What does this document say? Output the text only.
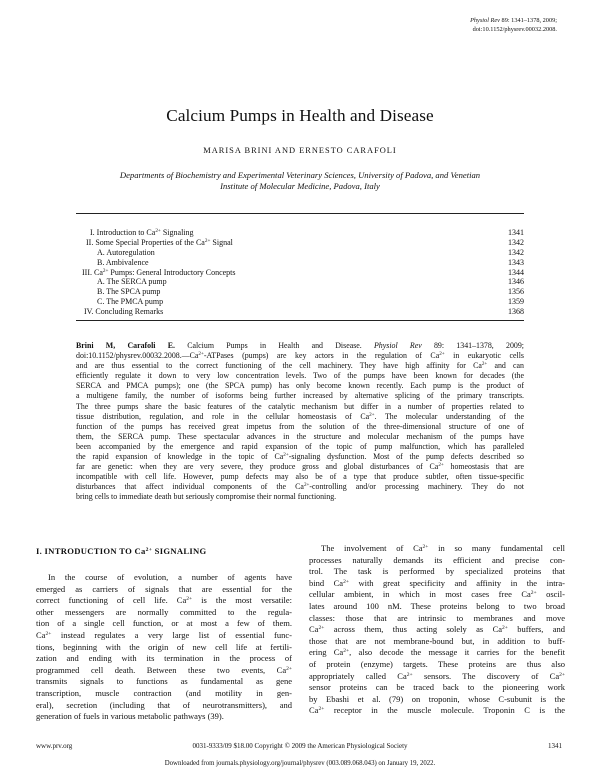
Physiol Rev 89: 1341–1378, 2009;
doi:10.1152/physrev.00032.2008.
Calcium Pumps in Health and Disease
MARISA BRINI AND ERNESTO CARAFOLI
Departments of Biochemistry and Experimental Veterinary Sciences, University of Padova, and Venetian
Institute of Molecular Medicine, Padova, Italy
I. Introduction to $Ca^{2+}$ Signaling	1341
II. Some Special Properties of the $Ca^{2+}$ Signal	1342
A. Autoregulation	1342
B. Ambivalence	1343
III. $Ca^{2+}$ Pumps: General Introductory Concepts	1344
A. The SERCA pump	1346
B. The SPCA pump	1356
C. The PMCA pump	1359
IV. Concluding Remarks	1368
Brini M, Carafoli E. Calcium Pumps in Health and Disease. Physiol Rev 89: 1341–1378, 2009;
$doi:10.1152/physrev.00032.2008.—Ca^{2+}$-ATPases (pumps) are key actors in the regulation of $Ca^{2+}$ in eukaryotic cells
and are thus essential to the correct functioning of the cell machinery. They have high affinity for $Ca^{2+}$ and can
efficiently regulate it down to very low concentration levels. Two of the pumps have been known for decades (the
SERCA and PMCA pumps); one (the SPCA pump) has only become known recently. Each pump is the product of
a multigene family, the number of isoforms being further increased by alternative splicing of the primary transcripts.
The three pumps share the basic features of the catalytic mechanism but differ in a number of properties related to
tissue distribution, regulation, and role in the cellular homeostasis of $Ca^{2+}$. The molecular understanding of the
function of the pumps has received great impetus from the solution of the three-dimensional structure of one of
them, the SERCA pump. These spectacular advances in the structure and molecular mechanism of the pumps have
been accompanied by the emergence and rapid expansion of the topic of pump malfunction, which has paralleled
the rapid expansion of knowledge in the topic of $Ca^{2+}$-signaling dysfunction. Most of the pump defects described so
far are genetic: when they are very severe, they produce gross and global disturbances of $Ca^{2+}$ homeostasis that are
incompatible with cell life. However, pump defects may also be of a type that produce subtler, often tissue-specific
disturbances that affect individual components of the $Ca^{2+}$-controlling and/or processing machinery. They do not
bring cells to immediate death but seriously compromise their normal functioning.
I. INTRODUCTION TO $Ca^{2+}$ SIGNALING
In the course of evolution, a number of agents have
emerged as carriers of signals that are essential for the
correct functioning of cell life. $Ca^{2+}$ is the most versatile:
other messengers are normally committed to the regula-
tion of a single cell function, or at most a few of them.
$Ca^{2+}$ instead regulates a very large list of essential func-
tions, beginning with the origin of new cell life at fertili-
zation and ending with its termination in the process of
programmed cell death. Between these two events, $Ca^{2+}$
transmits signals to functions as fundamental as gene
transcription, muscle contraction (and motility in gen-
eral), secretion (including that of neurotransmitters), and
generation of fuels in various metabolic pathways (39).
The involvement of $Ca^{2+}$ in so many fundamental cell
processes naturally demands its efficient and precise con-
trol. The task is performed by specialized proteins that
bind $Ca^{2+}$ with great specificity and affinity in the intra-
cellular ambient, in which in most cases free $Ca^{2+}$ oscil-
lates around 100 nM. These proteins belong to two broad
classes: those that are intrinsic to membranes and move
$Ca^{2+}$ across them, thus acting solely as $Ca^{2+}$ buffers, and
those that are not membrane-bound but, in addition to buff-
ering $Ca^{2+}$, also decode the message it carries for the benefit
of protein (enzyme) targets. These proteins are thus also
appropriately called $Ca^{2+}$ sensors. The discovery of $Ca^{2+}$
sensor proteins can be traced back to the pioneering work
by Ebashi et al. (79) on troponin, whose C-subunit is the
$Ca^{2+}$ receptor in the muscle molecule. Troponin C is the
www.prv.org	0031-9333/09 $18.00 Copyright © 2009 the American Physiological Society	1341
Downloaded from journals.physiology.org/journal/physrev (003.089.068.043) on January 19, 2022.
